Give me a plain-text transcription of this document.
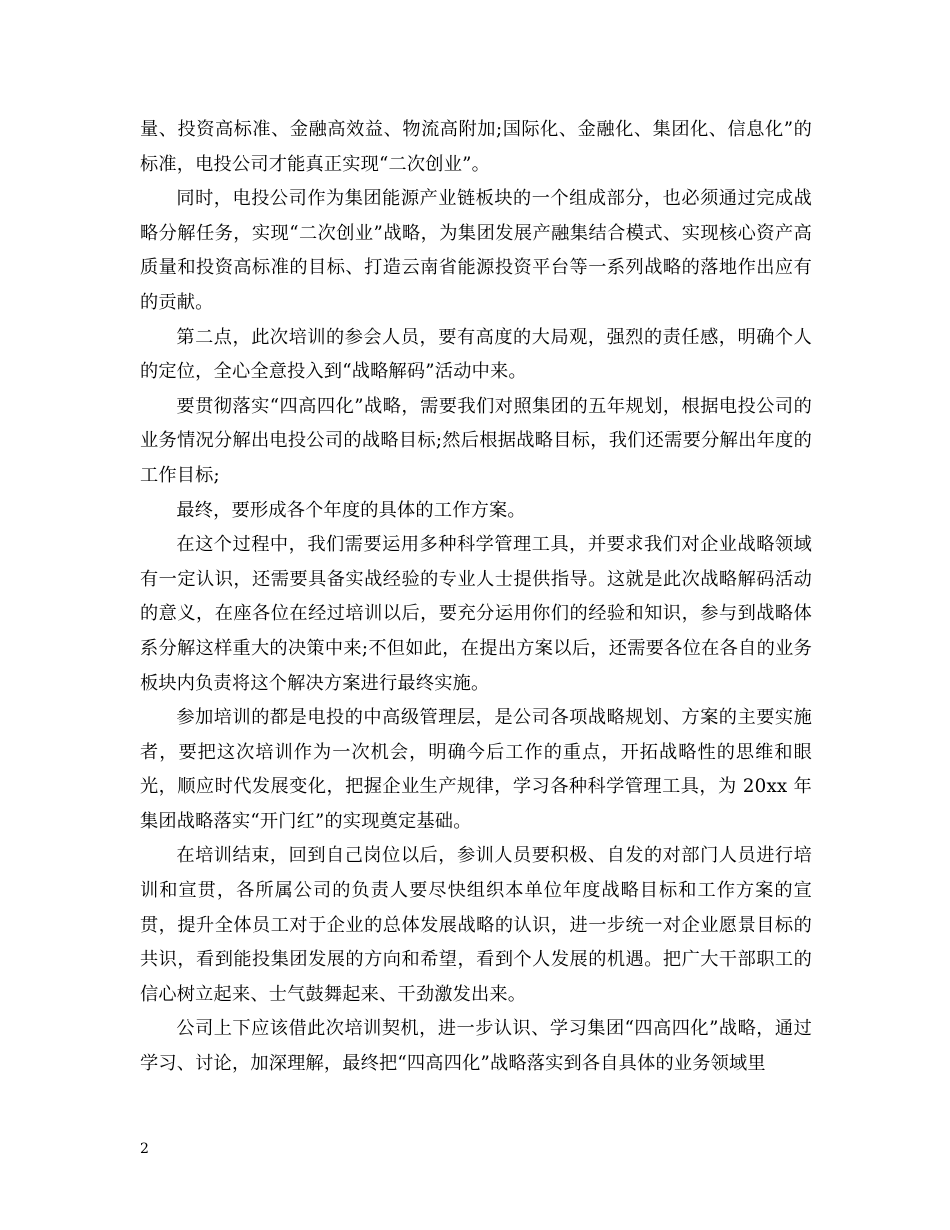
量、投资高标准、金融高效益、物流高附加;国际化、金融化、集团化、信息化”的标准，电投公司才能真正实现“二次创业”。

同时，电投公司作为集团能源产业链板块的一个组成部分，也必须通过完成战略分解任务，实现“二次创业”战略，为集团发展产融集结合模式、实现核心资产高质量和投资高标准的目标、打造云南省能源投资平台等一系列战略的落地作出应有的贡献。

第二点，此次培训的参会人员，要有高度的大局观，强烈的责任感，明确个人的定位，全心全意投入到“战略解码”活动中来。

要贯彻落实“四高四化”战略，需要我们对照集团的五年规划，根据电投公司的业务情况分解出电投公司的战略目标;然后根据战略目标，我们还需要分解出年度的工作目标;

最终，要形成各个年度的具体的工作方案。

在这个过程中，我们需要运用多种科学管理工具，并要求我们对企业战略领域有一定认识，还需要具备实战经验的专业人士提供指导。这就是此次战略解码活动的意义，在座各位在经过培训以后，要充分运用你们的经验和知识，参与到战略体系分解这样重大的决策中来;不但如此，在提出方案以后，还需要各位在各自的业务板块内负责将这个解决方案进行最终实施。

参加培训的都是电投的中高级管理层，是公司各项战略规划、方案的主要实施者，要把这次培训作为一次机会，明确今后工作的重点，开拓战略性的思维和眼光，顺应时代发展变化，把握企业生产规律，学习各种科学管理工具，为 20xx 年集团战略落实“开门红”的实现奠定基础。

在培训结束，回到自己岗位以后，参训人员要积极、自发的对部门人员进行培训和宣贯，各所属公司的负责人要尽快组织本单位年度战略目标和工作方案的宣贯，提升全体员工对于企业的总体发展战略的认识，进一步统一对企业愿景目标的共识，看到能投集团发展的方向和希望，看到个人发展的机遇。把广大干部职工的信心树立起来、士气鼓舞起来、干劲激发出来。

公司上下应该借此次培训契机，进一步认识、学习集团“四高四化”战略，通过学习、讨论，加深理解，最终把“四高四化”战略落实到各自具体的业务领域里

2
